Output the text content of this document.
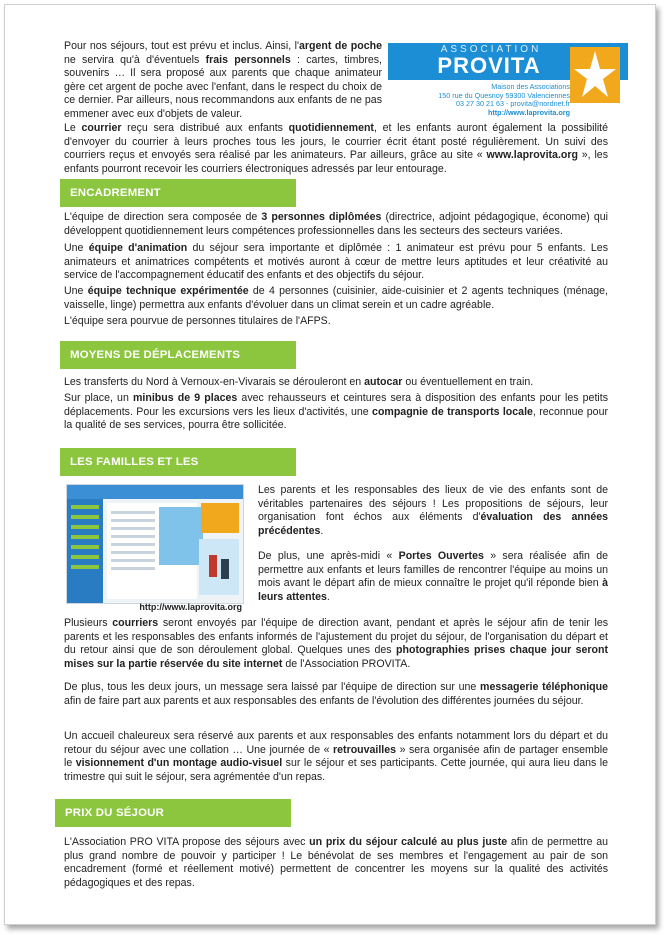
ASSOCIATION
PROVITA
Maison des Associations
150 rue du Quesnoy 59300 Valenciennes
03 27 30 21 63 - provita@nordnet.fr
http://www.laprovita.org

Pour nos séjours, tout est prévu et inclus. Ainsi, l'argent de poche ne servira qu'à d'éventuels frais personnels : cartes, timbres, souvenirs … Il sera proposé aux parents que chaque animateur gère cet argent de poche avec l'enfant, dans le respect du choix de ce dernier. Par ailleurs, nous recommandons aux enfants de ne pas emmener avec eux d'objets de valeur.

Le courrier reçu sera distribué aux enfants quotidiennement, et les enfants auront également la possibilité d'envoyer du courrier à leurs proches tous les jours, le courrier écrit étant posté régulièrement. Un suivi des courriers reçus et envoyés sera réalisé par les animateurs. Par ailleurs, grâce au site « www.laprovita.org », les enfants pourront recevoir les courriers électroniques adressés par leur entourage.

ENCADREMENT

L'équipe de direction sera composée de 3 personnes diplômées (directrice, adjoint pédagogique, économe) qui développent quotidiennement leurs compétences professionnelles dans les secteurs des secteurs variées.

Une équipe d'animation du séjour sera importante et diplômée : 1 animateur est prévu pour 5 enfants. Les animateurs et animatrices compétents et motivés auront à cœur de mettre leurs aptitudes et leur créativité au service de l'accompagnement éducatif des enfants et des objectifs du séjour.

Une équipe technique expérimentée de 4 personnes (cuisinier, aide-cuisinier et 2 agents techniques (ménage, vaisselle, linge) permettra aux enfants d'évoluer dans un climat serein et un cadre agréable.

L'équipe sera pourvue de personnes titulaires de l'AFPS.

MOYENS DE DÉPLACEMENTS

Les transferts du Nord à Vernoux-en-Vivarais se dérouleront en autocar ou éventuellement en train.

Sur place, un minibus de 9 places avec rehausseurs et ceintures sera à disposition des enfants pour les petits déplacements. Pour les excursions vers les lieux d'activités, une compagnie de transports locale, reconnue pour la qualité de ses services, pourra être sollicitée.

LES FAMILLES ET LES
http://www.laprovita.org

Les parents et les responsables des lieux de vie des enfants sont de véritables partenaires des séjours ! Les propositions de séjours, leur organisation font échos aux éléments d'évaluation des années précédentes.

De plus, une après-midi « Portes Ouvertes » sera réalisée afin de permettre aux enfants et leurs familles de rencontrer l'équipe au moins un mois avant le départ afin de mieux connaître le projet qu'il réponde bien à leurs attentes.

Plusieurs courriers seront envoyés par l'équipe de direction avant, pendant et après le séjour afin de tenir les parents et les responsables des enfants informés de l'ajustement du projet du séjour, de l'organisation du départ et du retour ainsi que de son déroulement global. Quelques unes des photographies prises chaque jour seront mises sur la partie réservée du site internet de l'Association PROVITA.

De plus, tous les deux jours, un message sera laissé par l'équipe de direction sur une messagerie téléphonique afin de faire part aux parents et aux responsables des enfants de l'évolution des différentes journées du séjour.

Un accueil chaleureux sera réservé aux parents et aux responsables des enfants notamment lors du départ et du retour du séjour avec une collation … Une journée de « retrouvailles » sera organisée afin de partager ensemble le visionnement d'un montage audio-visuel sur le séjour et ses participants. Cette journée, qui aura lieu dans le trimestre qui suit le séjour, sera agrémentée d'un repas.

PRIX DU SÉJOUR

L'Association PRO VITA propose des séjours avec un prix du séjour calculé au plus juste afin de permettre au plus grand nombre de pouvoir y participer ! Le bénévolat de ses membres et l'engagement au pair de son encadrement (formé et réellement motivé) permettent de concentrer les moyens sur la qualité des activités pédagogiques et des repas.
